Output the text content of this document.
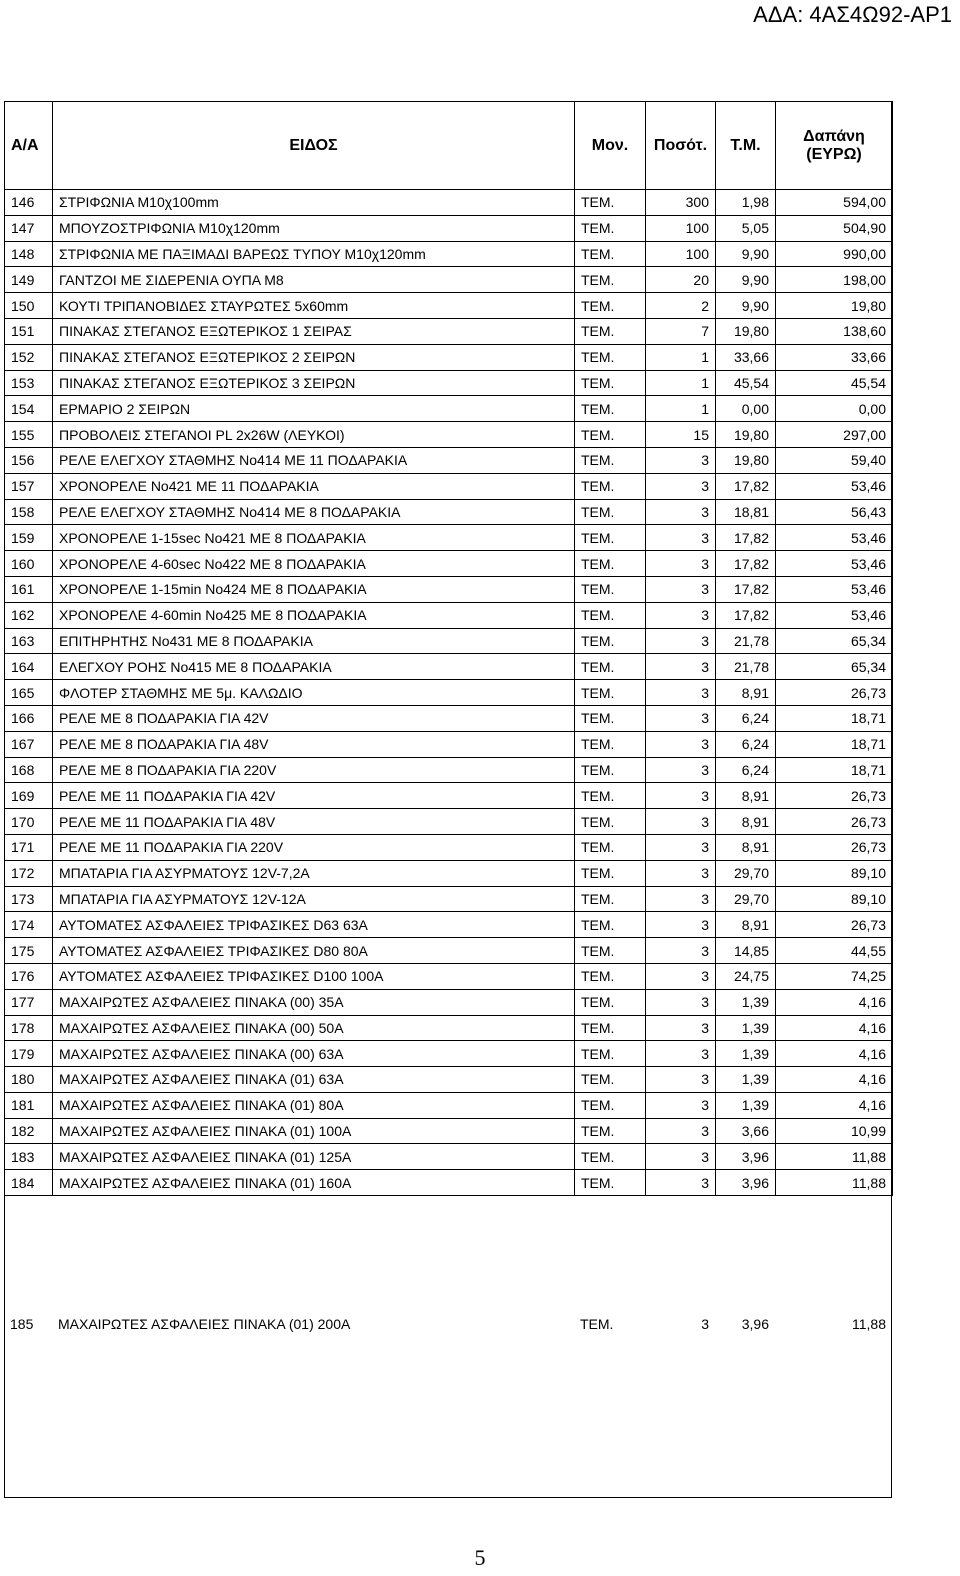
ΑΔΑ: 4ΑΣ4Ω92-ΑΡ1
Α/Α	ΕΙΔΟΣ	Μον.	Ποσότ.	Τ.Μ.	Δαπάνη (ΕΥΡΩ)
146	ΣΤΡΙΦΩΝΙΑ Μ10χ100mm	ΤΕΜ.	300	1,98	594,00
147	ΜΠΟΥΖΟΣΤΡΙΦΩΝΙΑ Μ10χ120mm	ΤΕΜ.	100	5,05	504,90
148	ΣΤΡΙΦΩΝΙΑ ΜΕ ΠΑΞΙΜΑΔΙ ΒΑΡΕΩΣ ΤΥΠΟΥ Μ10χ120mm	ΤΕΜ.	100	9,90	990,00
149	ΓΑΝΤΖΟΙ ΜΕ ΣΙΔΕΡΕΝΙΑ ΟΥΠΑ Μ8	ΤΕΜ.	20	9,90	198,00
150	ΚΟΥΤΙ ΤΡΙΠΑΝΟΒΙΔΕΣ ΣΤΑΥΡΩΤΕΣ 5x60mm	ΤΕΜ.	2	9,90	19,80
151	ΠΙΝΑΚΑΣ ΣΤΕΓΑΝΟΣ ΕΞΩΤΕΡΙΚΟΣ 1 ΣΕΙΡΑΣ	ΤΕΜ.	7	19,80	138,60
152	ΠΙΝΑΚΑΣ ΣΤΕΓΑΝΟΣ ΕΞΩΤΕΡΙΚΟΣ 2 ΣΕΙΡΩΝ	ΤΕΜ.	1	33,66	33,66
153	ΠΙΝΑΚΑΣ ΣΤΕΓΑΝΟΣ ΕΞΩΤΕΡΙΚΟΣ 3 ΣΕΙΡΩΝ	ΤΕΜ.	1	45,54	45,54
154	ΕΡΜΑΡΙΟ 2 ΣΕΙΡΩΝ	ΤΕΜ.	1	0,00	0,00
155	ΠΡΟΒΟΛΕΙΣ ΣΤΕΓΑΝΟΙ PL 2x26W (ΛΕΥΚΟΙ)	ΤΕΜ.	15	19,80	297,00
156	ΡΕΛΕ ΕΛΕΓΧΟΥ ΣΤΑΘΜΗΣ Νο414 ΜΕ 11 ΠΟΔΑΡΑΚΙΑ	ΤΕΜ.	3	19,80	59,40
157	ΧΡΟΝΟΡΕΛΕ Νο421 ΜΕ 11 ΠΟΔΑΡΑΚΙΑ	ΤΕΜ.	3	17,82	53,46
158	ΡΕΛΕ ΕΛΕΓΧΟΥ ΣΤΑΘΜΗΣ Νο414 ΜΕ 8 ΠΟΔΑΡΑΚΙΑ	ΤΕΜ.	3	18,81	56,43
159	ΧΡΟΝΟΡΕΛΕ 1-15sec Νο421 ΜΕ 8 ΠΟΔΑΡΑΚΙΑ	ΤΕΜ.	3	17,82	53,46
160	ΧΡΟΝΟΡΕΛΕ 4-60sec Νο422 ΜΕ 8 ΠΟΔΑΡΑΚΙΑ	ΤΕΜ.	3	17,82	53,46
161	ΧΡΟΝΟΡΕΛΕ 1-15min Νο424 ΜΕ 8 ΠΟΔΑΡΑΚΙΑ	ΤΕΜ.	3	17,82	53,46
162	ΧΡΟΝΟΡΕΛΕ 4-60min Νο425 ΜΕ 8 ΠΟΔΑΡΑΚΙΑ	ΤΕΜ.	3	17,82	53,46
163	ΕΠΙΤΗΡΗΤΗΣ Νο431 ΜΕ 8 ΠΟΔΑΡΑΚΙΑ	ΤΕΜ.	3	21,78	65,34
164	ΕΛΕΓΧΟΥ ΡΟΗΣ Νο415 ΜΕ 8 ΠΟΔΑΡΑΚΙΑ	ΤΕΜ.	3	21,78	65,34
165	ΦΛΟΤΕΡ ΣΤΑΘΜΗΣ ΜΕ 5μ. ΚΑΛΩΔΙΟ	ΤΕΜ.	3	8,91	26,73
166	ΡΕΛΕ ΜΕ 8 ΠΟΔΑΡΑΚΙΑ ΓΙΑ 42V	ΤΕΜ.	3	6,24	18,71
167	ΡΕΛΕ ΜΕ 8 ΠΟΔΑΡΑΚΙΑ ΓΙΑ 48V	ΤΕΜ.	3	6,24	18,71
168	ΡΕΛΕ ΜΕ 8 ΠΟΔΑΡΑΚΙΑ ΓΙΑ 220V	ΤΕΜ.	3	6,24	18,71
169	ΡΕΛΕ ΜΕ 11 ΠΟΔΑΡΑΚΙΑ ΓΙΑ 42V	ΤΕΜ.	3	8,91	26,73
170	ΡΕΛΕ ΜΕ 11 ΠΟΔΑΡΑΚΙΑ ΓΙΑ 48V	ΤΕΜ.	3	8,91	26,73
171	ΡΕΛΕ ΜΕ 11 ΠΟΔΑΡΑΚΙΑ ΓΙΑ 220V	ΤΕΜ.	3	8,91	26,73
172	ΜΠΑΤΑΡΙΑ ΓΙΑ ΑΣΥΡΜΑΤΟΥΣ 12V-7,2A	ΤΕΜ.	3	29,70	89,10
173	ΜΠΑΤΑΡΙΑ ΓΙΑ ΑΣΥΡΜΑΤΟΥΣ 12V-12A	ΤΕΜ.	3	29,70	89,10
174	ΑΥΤΟΜΑΤΕΣ ΑΣΦΑΛΕΙΕΣ ΤΡΙΦΑΣΙΚΕΣ D63 63A	ΤΕΜ.	3	8,91	26,73
175	ΑΥΤΟΜΑΤΕΣ ΑΣΦΑΛΕΙΕΣ ΤΡΙΦΑΣΙΚΕΣ D80 80A	ΤΕΜ.	3	14,85	44,55
176	ΑΥΤΟΜΑΤΕΣ ΑΣΦΑΛΕΙΕΣ ΤΡΙΦΑΣΙΚΕΣ D100 100A	ΤΕΜ.	3	24,75	74,25
177	ΜΑΧΑΙΡΩΤΕΣ ΑΣΦΑΛΕΙΕΣ ΠΙΝΑΚΑ (00) 35A	ΤΕΜ.	3	1,39	4,16
178	ΜΑΧΑΙΡΩΤΕΣ ΑΣΦΑΛΕΙΕΣ ΠΙΝΑΚΑ (00) 50A	ΤΕΜ.	3	1,39	4,16
179	ΜΑΧΑΙΡΩΤΕΣ ΑΣΦΑΛΕΙΕΣ ΠΙΝΑΚΑ (00) 63A	ΤΕΜ.	3	1,39	4,16
180	ΜΑΧΑΙΡΩΤΕΣ ΑΣΦΑΛΕΙΕΣ ΠΙΝΑΚΑ (01) 63A	ΤΕΜ.	3	1,39	4,16
181	ΜΑΧΑΙΡΩΤΕΣ ΑΣΦΑΛΕΙΕΣ ΠΙΝΑΚΑ (01) 80A	ΤΕΜ.	3	1,39	4,16
182	ΜΑΧΑΙΡΩΤΕΣ ΑΣΦΑΛΕΙΕΣ ΠΙΝΑΚΑ (01) 100A	ΤΕΜ.	3	3,66	10,99
183	ΜΑΧΑΙΡΩΤΕΣ ΑΣΦΑΛΕΙΕΣ ΠΙΝΑΚΑ (01) 125A	ΤΕΜ.	3	3,96	11,88
184	ΜΑΧΑΙΡΩΤΕΣ ΑΣΦΑΛΕΙΕΣ ΠΙΝΑΚΑ (01) 160A	ΤΕΜ.	3	3,96	11,88
185	ΜΑΧΑΙΡΩΤΕΣ ΑΣΦΑΛΕΙΕΣ ΠΙΝΑΚΑ (01) 200A	ΤΕΜ.	3	3,96	11,88
5
